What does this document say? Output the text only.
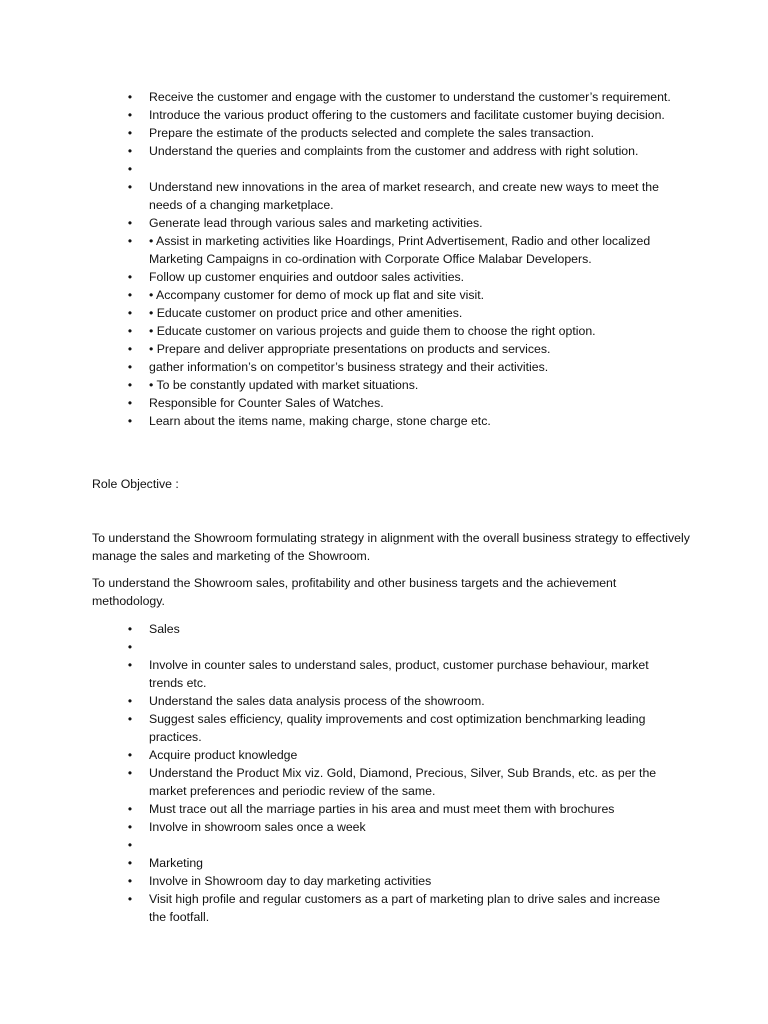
• Receive the customer and engage with the customer to understand the customer’s requirement.
• Introduce the various product offering to the customers and facilitate customer buying decision.
• Prepare the estimate of the products selected and complete the sales transaction.
• Understand the queries and complaints from the customer and address with right solution.
•
• Understand new innovations in the area of market research, and create new ways to meet the needs of a changing marketplace.
• Generate lead through various sales and marketing activities.
• • Assist in marketing activities like Hoardings, Print Advertisement, Radio and other localized Marketing Campaigns in co-ordination with Corporate Office Malabar Developers.
• Follow up customer enquiries and outdoor sales activities.
• • Accompany customer for demo of mock up flat and site visit.
• • Educate customer on product price and other amenities.
• • Educate customer on various projects and guide them to choose the right option.
• • Prepare and deliver appropriate presentations on products and services.
• gather information’s on competitor’s business strategy and their activities.
• • To be constantly updated with market situations.
• Responsible for Counter Sales of Watches.
• Learn about the items name, making charge, stone charge etc.

Role Objective :

To understand the Showroom formulating strategy in alignment with the overall business strategy to effectively manage the sales and marketing of the Showroom.

To understand the Showroom sales, profitability and other business targets and the achievement methodology.

• Sales
•
• Involve in counter sales to understand sales, product, customer purchase behaviour, market trends etc.
• Understand the sales data analysis process of the showroom.
• Suggest sales efficiency, quality improvements and cost optimization benchmarking leading practices.
• Acquire product knowledge
• Understand the Product Mix viz. Gold, Diamond, Precious, Silver, Sub Brands, etc. as per the market preferences and periodic review of the same.
• Must trace out all the marriage parties in his area and must meet them with brochures
• Involve in showroom sales once a week
•
• Marketing
• Involve in Showroom day to day marketing activities
• Visit high profile and regular customers as a part of marketing plan to drive sales and increase the footfall.
